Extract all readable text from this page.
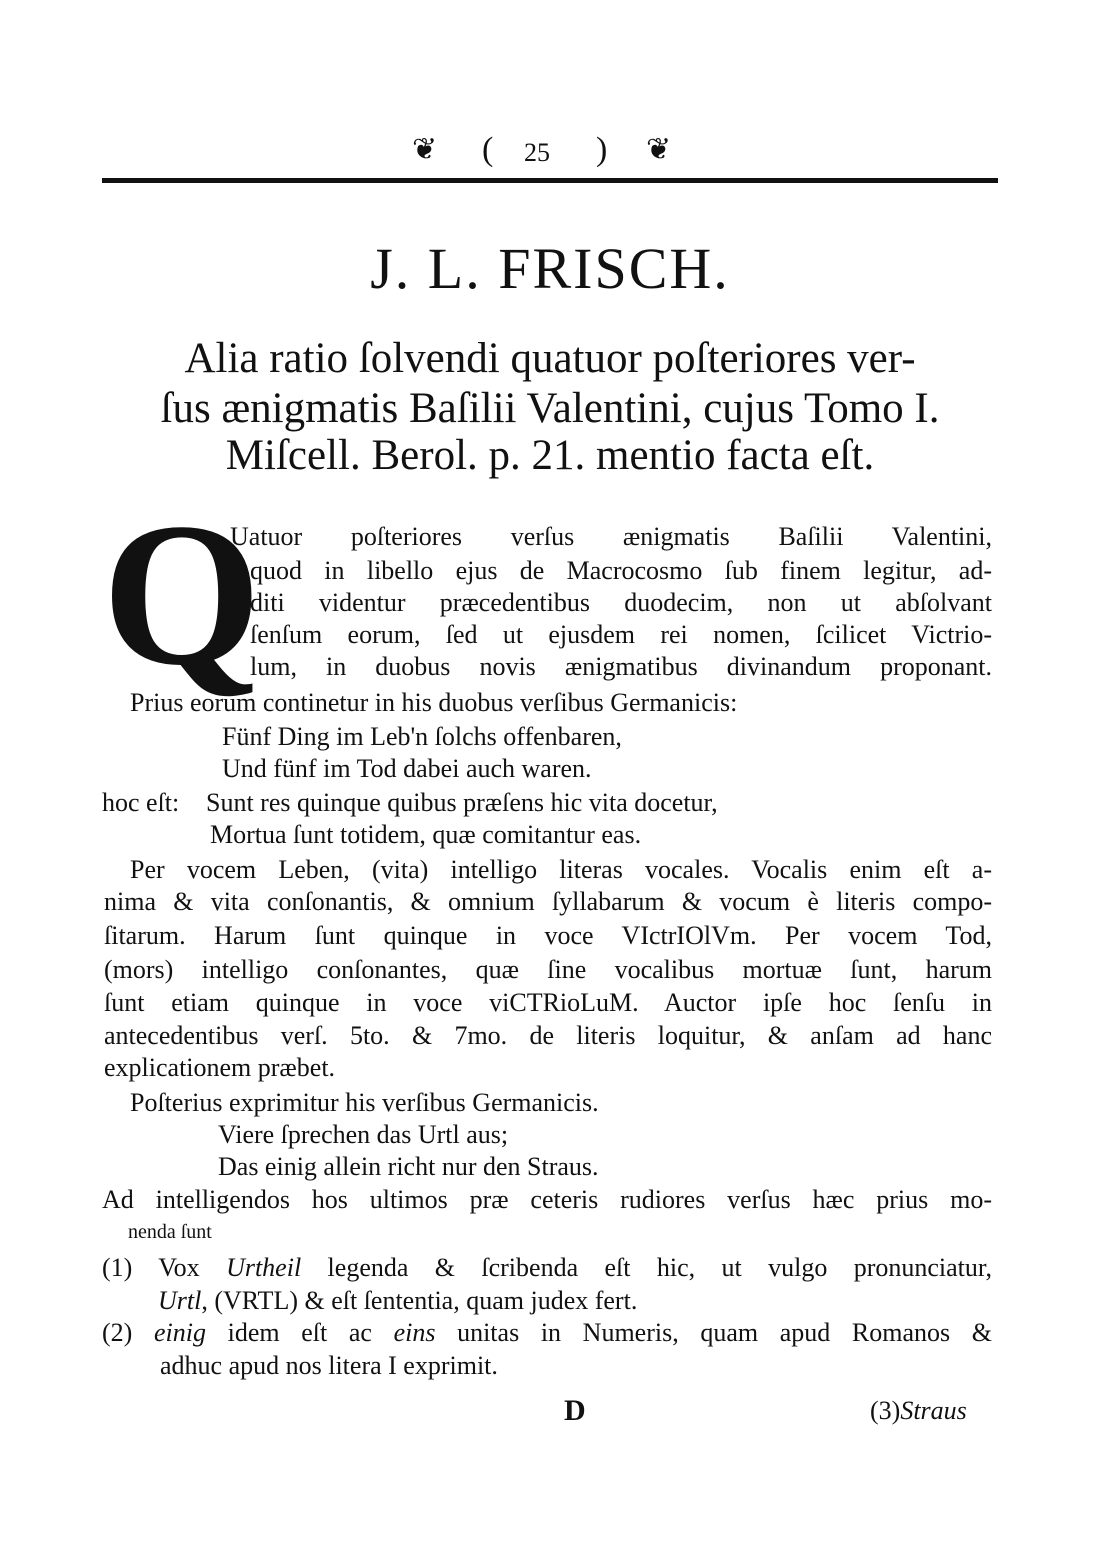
❦ ( 25 ) ❦
J. L. FRISCH.
Alia ratio ſolvendi quatuor poſteriores ver-
ſus ænigmatis Baſilii Valentini, cujus Tomo I.
Miſcell. Berol. p. 21. mentio facta eſt.
Q
Uatuor poſteriores verſus ænigmatis Baſilii Valentini,
quod in libello ejus de Macrocosmo ſub finem legitur, ad-
diti videntur præcedentibus duodecim, non ut abſolvant
ſenſum eorum, ſed ut ejusdem rei nomen, ſcilicet Victrio-
lum, in duobus novis ænigmatibus divinandum proponant.
Prius eorum continetur in his duobus verſibus Germanicis:
Fünf Ding im Leb'n ſolchs offenbaren,
Und fünf im Tod dabei auch waren.
hoc eſt: Sunt res quinque quibus præſens hic vita docetur,
Mortua ſunt totidem, quæ comitantur eas.
Per vocem Leben, (vita) intelligo literas vocales. Vocalis enim eſt a-
nima & vita conſonantis, & omnium ſyllabarum & vocum è literis compo-
ſitarum. Harum ſunt quinque in voce VIctrIOlVm. Per vocem Tod,
(mors) intelligo conſonantes, quæ ſine vocalibus mortuæ ſunt, harum
ſunt etiam quinque in voce viCTRioLuM. Auctor ipſe hoc ſenſu in
antecedentibus verſ. 5to. & 7mo. de literis loquitur, & anſam ad hanc
explicationem præbet.
Poſterius exprimitur his verſibus Germanicis.
Viere ſprechen das Urtl aus;
Das einig allein richt nur den Straus.
Ad intelligendos hos ultimos præ ceteris rudiores verſus hæc prius mo-
nenda ſunt
(1) Vox Urtheil legenda & ſcribenda eſt hic, ut vulgo pronunciatur,
Urtl, (VRTL) & eſt ſententia, quam judex fert.
(2) einig idem eſt ac eins unitas in Numeris, quam apud Romanos &
adhuc apud nos litera I exprimit.
D	(3)Straus
